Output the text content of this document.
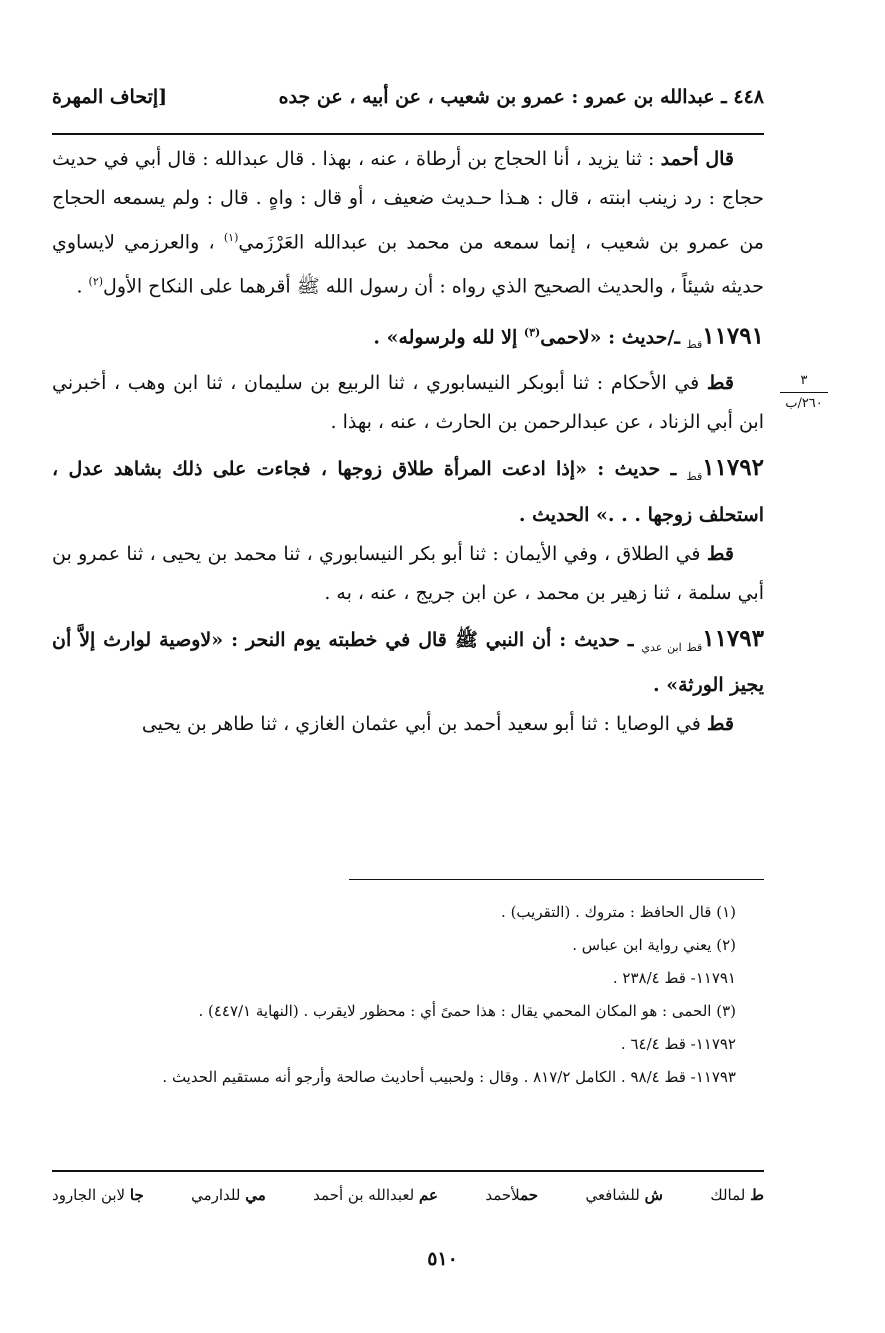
٤٤٨ ـ عبدالله بن عمرو : عمرو بن شعيب ، عن أبيه ، عن جده
[إتحاف المهرة

قال أحمد : ثنا يزيد ، أنا الحجاج بن أرطاة ، عنه ، بهذا . قال عبدالله : قال أبي في حديث حجاج : رد زينب ابنته ، قال : هـذا حـديث ضعيف ، أو قال : واهٍ . قال : ولم يسمعه الحجاج من عمرو بن شعيب ، إنما سمعه من محمد بن عبدالله العَرْزَمي$^{(١)}$ ، والعرزمي لايساوي حديثه شيئاً ، والحديث الصحيح الذي رواه : أن رسول الله ﷺ أقرهما على النكاح الأول$^{(٢)}$ .

$١١٧٩١_{قط}$ ـ/حديث : «لاحمى$^{(٣)}$ إلا لله ولرسوله» .

قط في الأحكام : ثنا أبوبكر النيسابوري ، ثنا الربيع بن سليمان ، ثنا ابن وهب ، أخبرني ابن أبي الزناد ، عن عبدالرحمن بن الحارث ، عنه ، بهذا .

$١١٧٩٢_{قط}$ ـ حديث : «إذا ادعت المرأة طلاق زوجها ، فجاءت على ذلك بشاهد عدل ، استحلف زوجها . . .» الحديث .

قط في الطلاق ، وفي الأيمان : ثنا أبو بكر النيسابوري ، ثنا محمد بن يحيى ، ثنا عمرو بن أبي سلمة ، ثنا زهير بن محمد ، عن ابن جريج ، عنه ، به .

$١١٧٩٣_{قط ابن عدي}$ ـ حديث : أن النبي ﷺ قال في خطبته يوم النحر : «لاوصية لوارث إلاَّ أن يجيز الورثة» .

قط في الوصايا : ثنا أبو سعيد أحمد بن أبي عثمان الغازي ، ثنا طاهر بن يحيى

٣
٢٦٠/ب

(١) قال الحافظ : متروك . (التقريب) .

(٢) يعني رواية ابن عباس .

١١٧٩١- قط ٢٣٨/٤ .

(٣) الحمى : هو المكان المحمي يقال : هذا حمىً أي : محظور لايقرب . (النهاية ٤٤٧/١) .

١١٧٩٢- قط ٦٤/٤ .

١١٧٩٣- قط ٩٨/٤ . الكامل ٨١٧/٢ . وقال : ولحبيب أحاديث صالحة وأرجو أنه مستقيم الحديث .

ط لمالك
ش للشافعي
حملأحمد
عم لعبدالله بن أحمد
مي للدارمي
جا لابن الجارود
٥١٠
